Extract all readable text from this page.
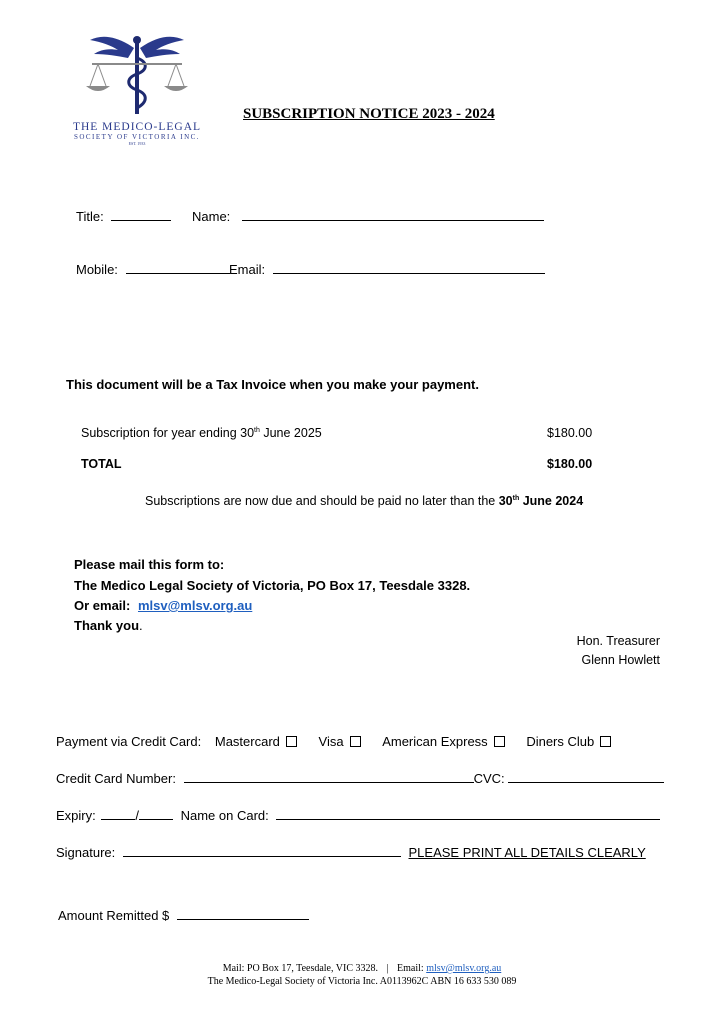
THE MEDICO-LEGAL
SOCIETY OF VICTORIA INC.
EST. 1933
SUBSCRIPTION NOTICE 2023 - 2024
Title:	Name:
Mobile:	Email:
This document will be a Tax Invoice when you make your payment.
Subscription for year ending 30th June 2025	$180.00
TOTAL	$180.00
Subscriptions are now due and should be paid no later than the 30th June 2024
Please mail this form to:
The Medico Legal Society of Victoria, PO Box 17, Teesdale 3328.
Or email: mlsv@mlsv.org.au
Thank you.
Hon. Treasurer
Glenn Howlett
Payment via Credit Card: Mastercard	Visa	American Express	Diners Club
Credit Card Number:	CVC:
Expiry:	/	Name on Card:
Signature:	PLEASE PRINT ALL DETAILS CLEARLY
Amount Remitted $
Mail: PO Box 17, Teesdale, VIC 3328. | Email: mlsv@mlsv.org.au
The Medico-Legal Society of Victoria Inc. A0113962C ABN 16 633 530 089
